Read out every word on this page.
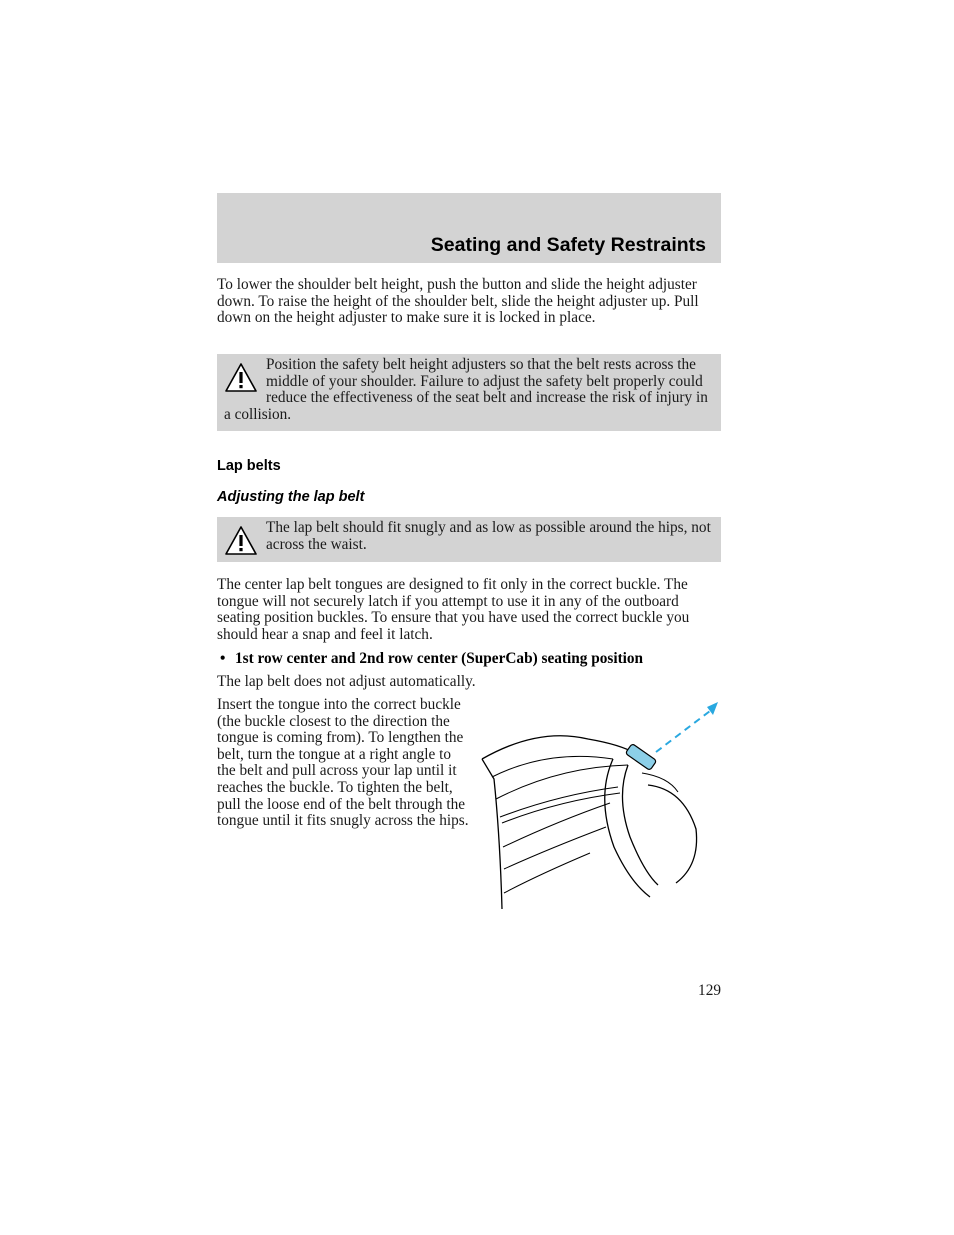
Seating and Safety Restraints

To lower the shoulder belt height, push the button and slide the height adjuster down. To raise the height of the shoulder belt, slide the height adjuster up. Pull down on the height adjuster to make sure it is locked in place.

Position the safety belt height adjusters so that the belt rests across the middle of your shoulder. Failure to adjust the safety belt properly could reduce the effectiveness of the seat belt and increase the risk of injury in a collision.

Lap belts
Adjusting the lap belt

The lap belt should fit snugly and as low as possible around the hips, not across the waist.

The center lap belt tongues are designed to fit only in the correct buckle. The tongue will not securely latch if you attempt to use it in any of the outboard seating position buckles. To ensure that you have used the correct buckle you should hear a snap and feel it latch.

• 1st row center and 2nd row center (SuperCab) seating position

The lap belt does not adjust automatically.

Insert the tongue into the correct buckle (the buckle closest to the direction the tongue is coming from). To lengthen the belt, turn the tongue at a right angle to the belt and pull across your lap until it reaches the buckle. To tighten the belt, pull the loose end of the belt through the tongue until it fits snugly across the hips.

129
